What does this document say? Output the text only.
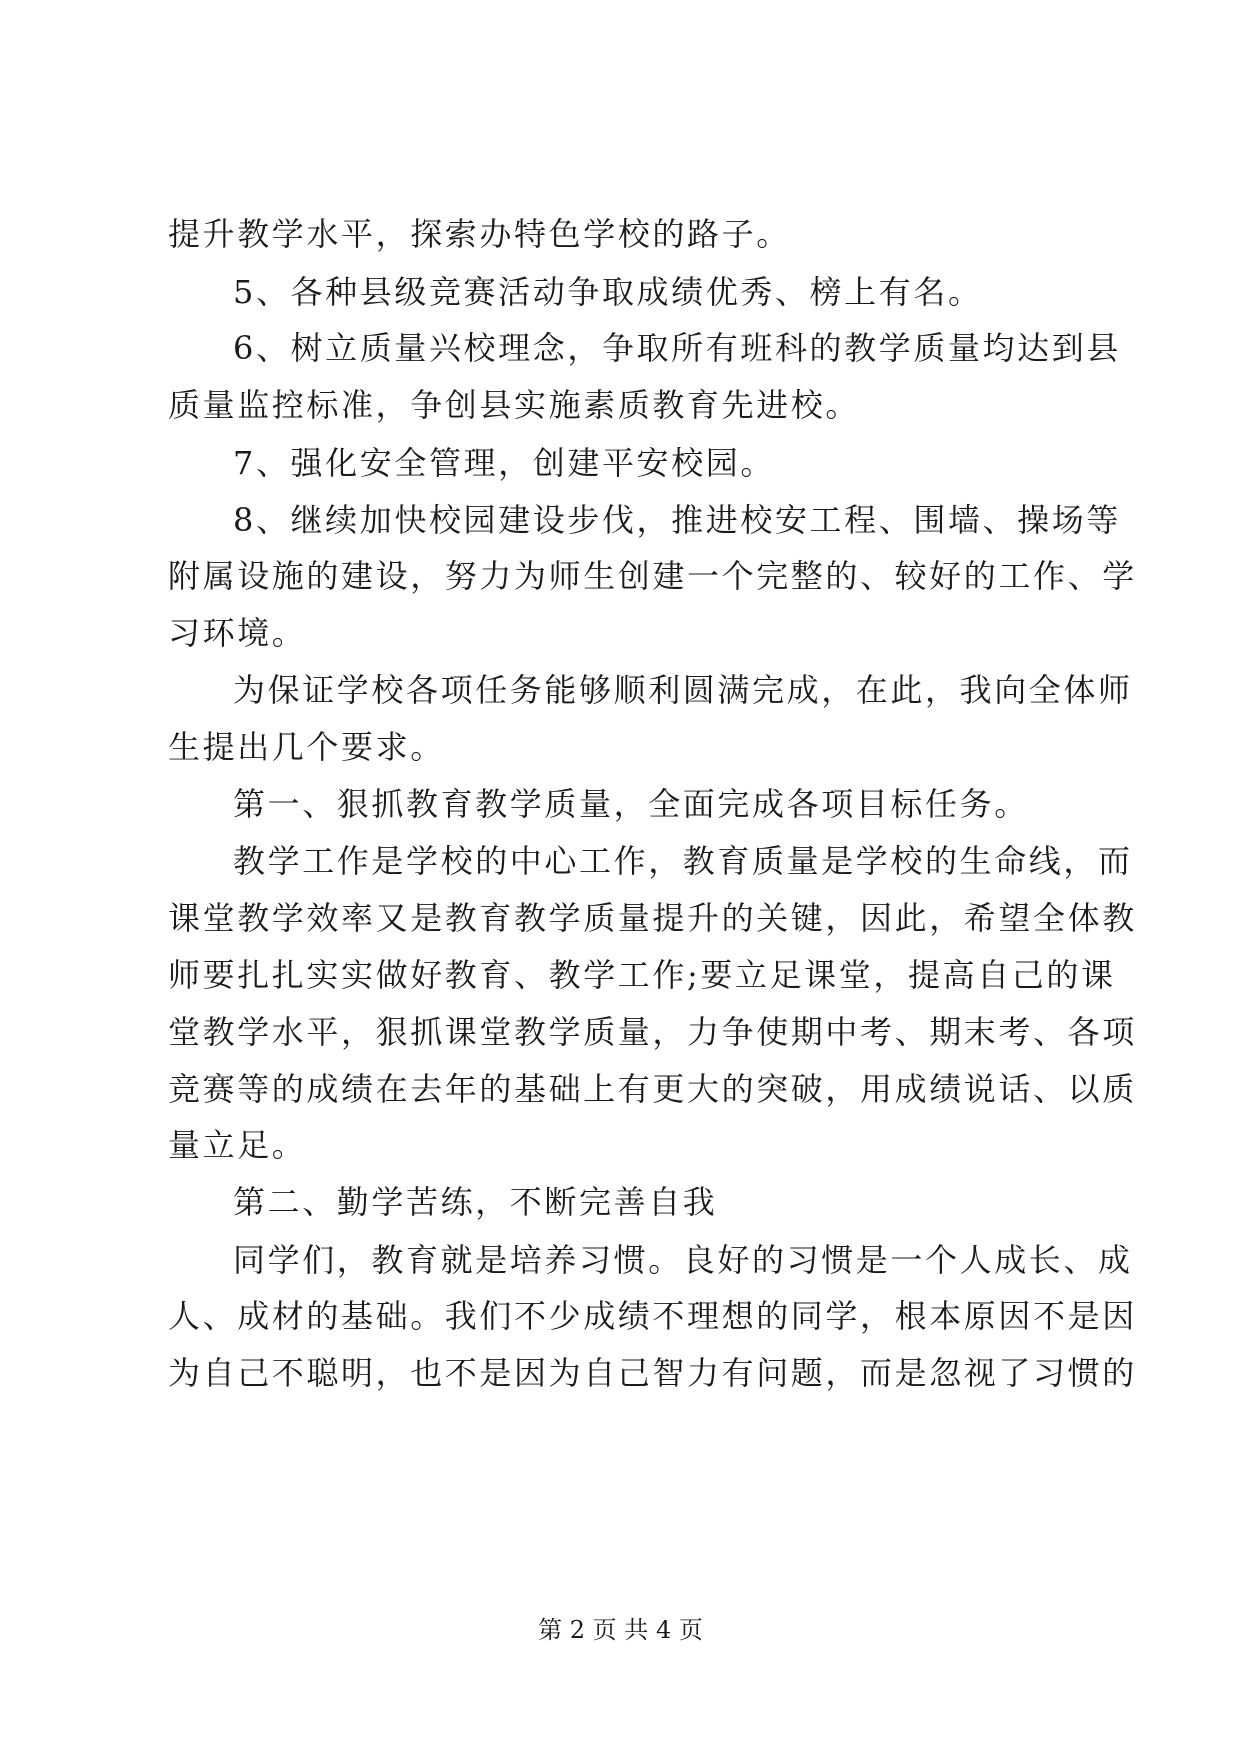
提升教学水平，探索办特色学校的路子。
5、各种县级竞赛活动争取成绩优秀、榜上有名。
6、树立质量兴校理念，争取所有班科的教学质量均达到县
质量监控标准，争创县实施素质教育先进校。
7、强化安全管理，创建平安校园。
8、继续加快校园建设步伐，推进校安工程、围墙、操场等
附属设施的建设，努力为师生创建一个完整的、较好的工作、学
习环境。
为保证学校各项任务能够顺利圆满完成，在此，我向全体师
生提出几个要求。
第一、狠抓教育教学质量，全面完成各项目标任务。
教学工作是学校的中心工作，教育质量是学校的生命线，而
课堂教学效率又是教育教学质量提升的关键，因此，希望全体教
师要扎扎实实做好教育、教学工作;要立足课堂，提高自己的课
堂教学水平，狠抓课堂教学质量，力争使期中考、期末考、各项
竞赛等的成绩在去年的基础上有更大的突破，用成绩说话、以质
量立足。
第二、勤学苦练，不断完善自我
同学们，教育就是培养习惯。良好的习惯是一个人成长、成
人、成材的基础。我们不少成绩不理想的同学，根本原因不是因
为自己不聪明，也不是因为自己智力有问题，而是忽视了习惯的
第 2 页 共 4 页
